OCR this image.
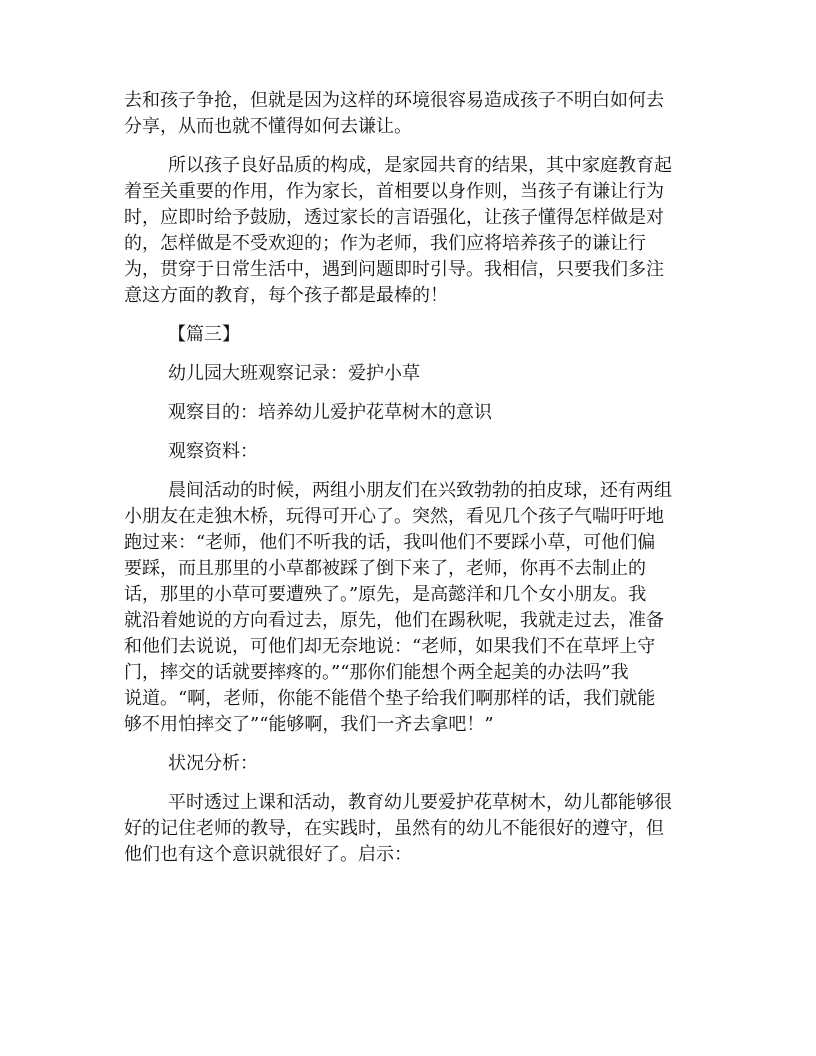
去和孩子争抢，但就是因为这样的环境很容易造成孩子不明白如何去
分享，从而也就不懂得如何去谦让。
所以孩子良好品质的构成，是家园共育的结果，其中家庭教育起
着至关重要的作用，作为家长，首相要以身作则，当孩子有谦让行为
时，应即时给予鼓励，透过家长的言语强化，让孩子懂得怎样做是对
的，怎样做是不受欢迎的；作为老师，我们应将培养孩子的谦让行
为，贯穿于日常生活中，遇到问题即时引导。我相信，只要我们多注
意这方面的教育，每个孩子都是最棒的！
【篇三】
幼儿园大班观察记录：爱护小草
观察目的：培养幼儿爱护花草树木的意识
观察资料：
晨间活动的时候，两组小朋友们在兴致勃勃的拍皮球，还有两组
小朋友在走独木桥，玩得可开心了。突然，看见几个孩子气喘吁吁地
跑过来：“老师，他们不听我的话，我叫他们不要踩小草，可他们偏
要踩，而且那里的小草都被踩了倒下来了，老师，你再不去制止的
话，那里的小草可要遭殃了。”原先，是高懿洋和几个女小朋友。我
就沿着她说的方向看过去，原先，他们在踢秋呢，我就走过去，准备
和他们去说说，可他们却无奈地说：“老师，如果我们不在草坪上守
门，摔交的话就要摔疼的。”“那你们能想个两全起美的办法吗”我
说道。“啊，老师，你能不能借个垫子给我们啊那样的话，我们就能
够不用怕摔交了”“能够啊，我们一齐去拿吧！”
状况分析：
平时透过上课和活动，教育幼儿要爱护花草树木，幼儿都能够很
好的记住老师的教导，在实践时，虽然有的幼儿不能很好的遵守，但
他们也有这个意识就很好了。启示：
